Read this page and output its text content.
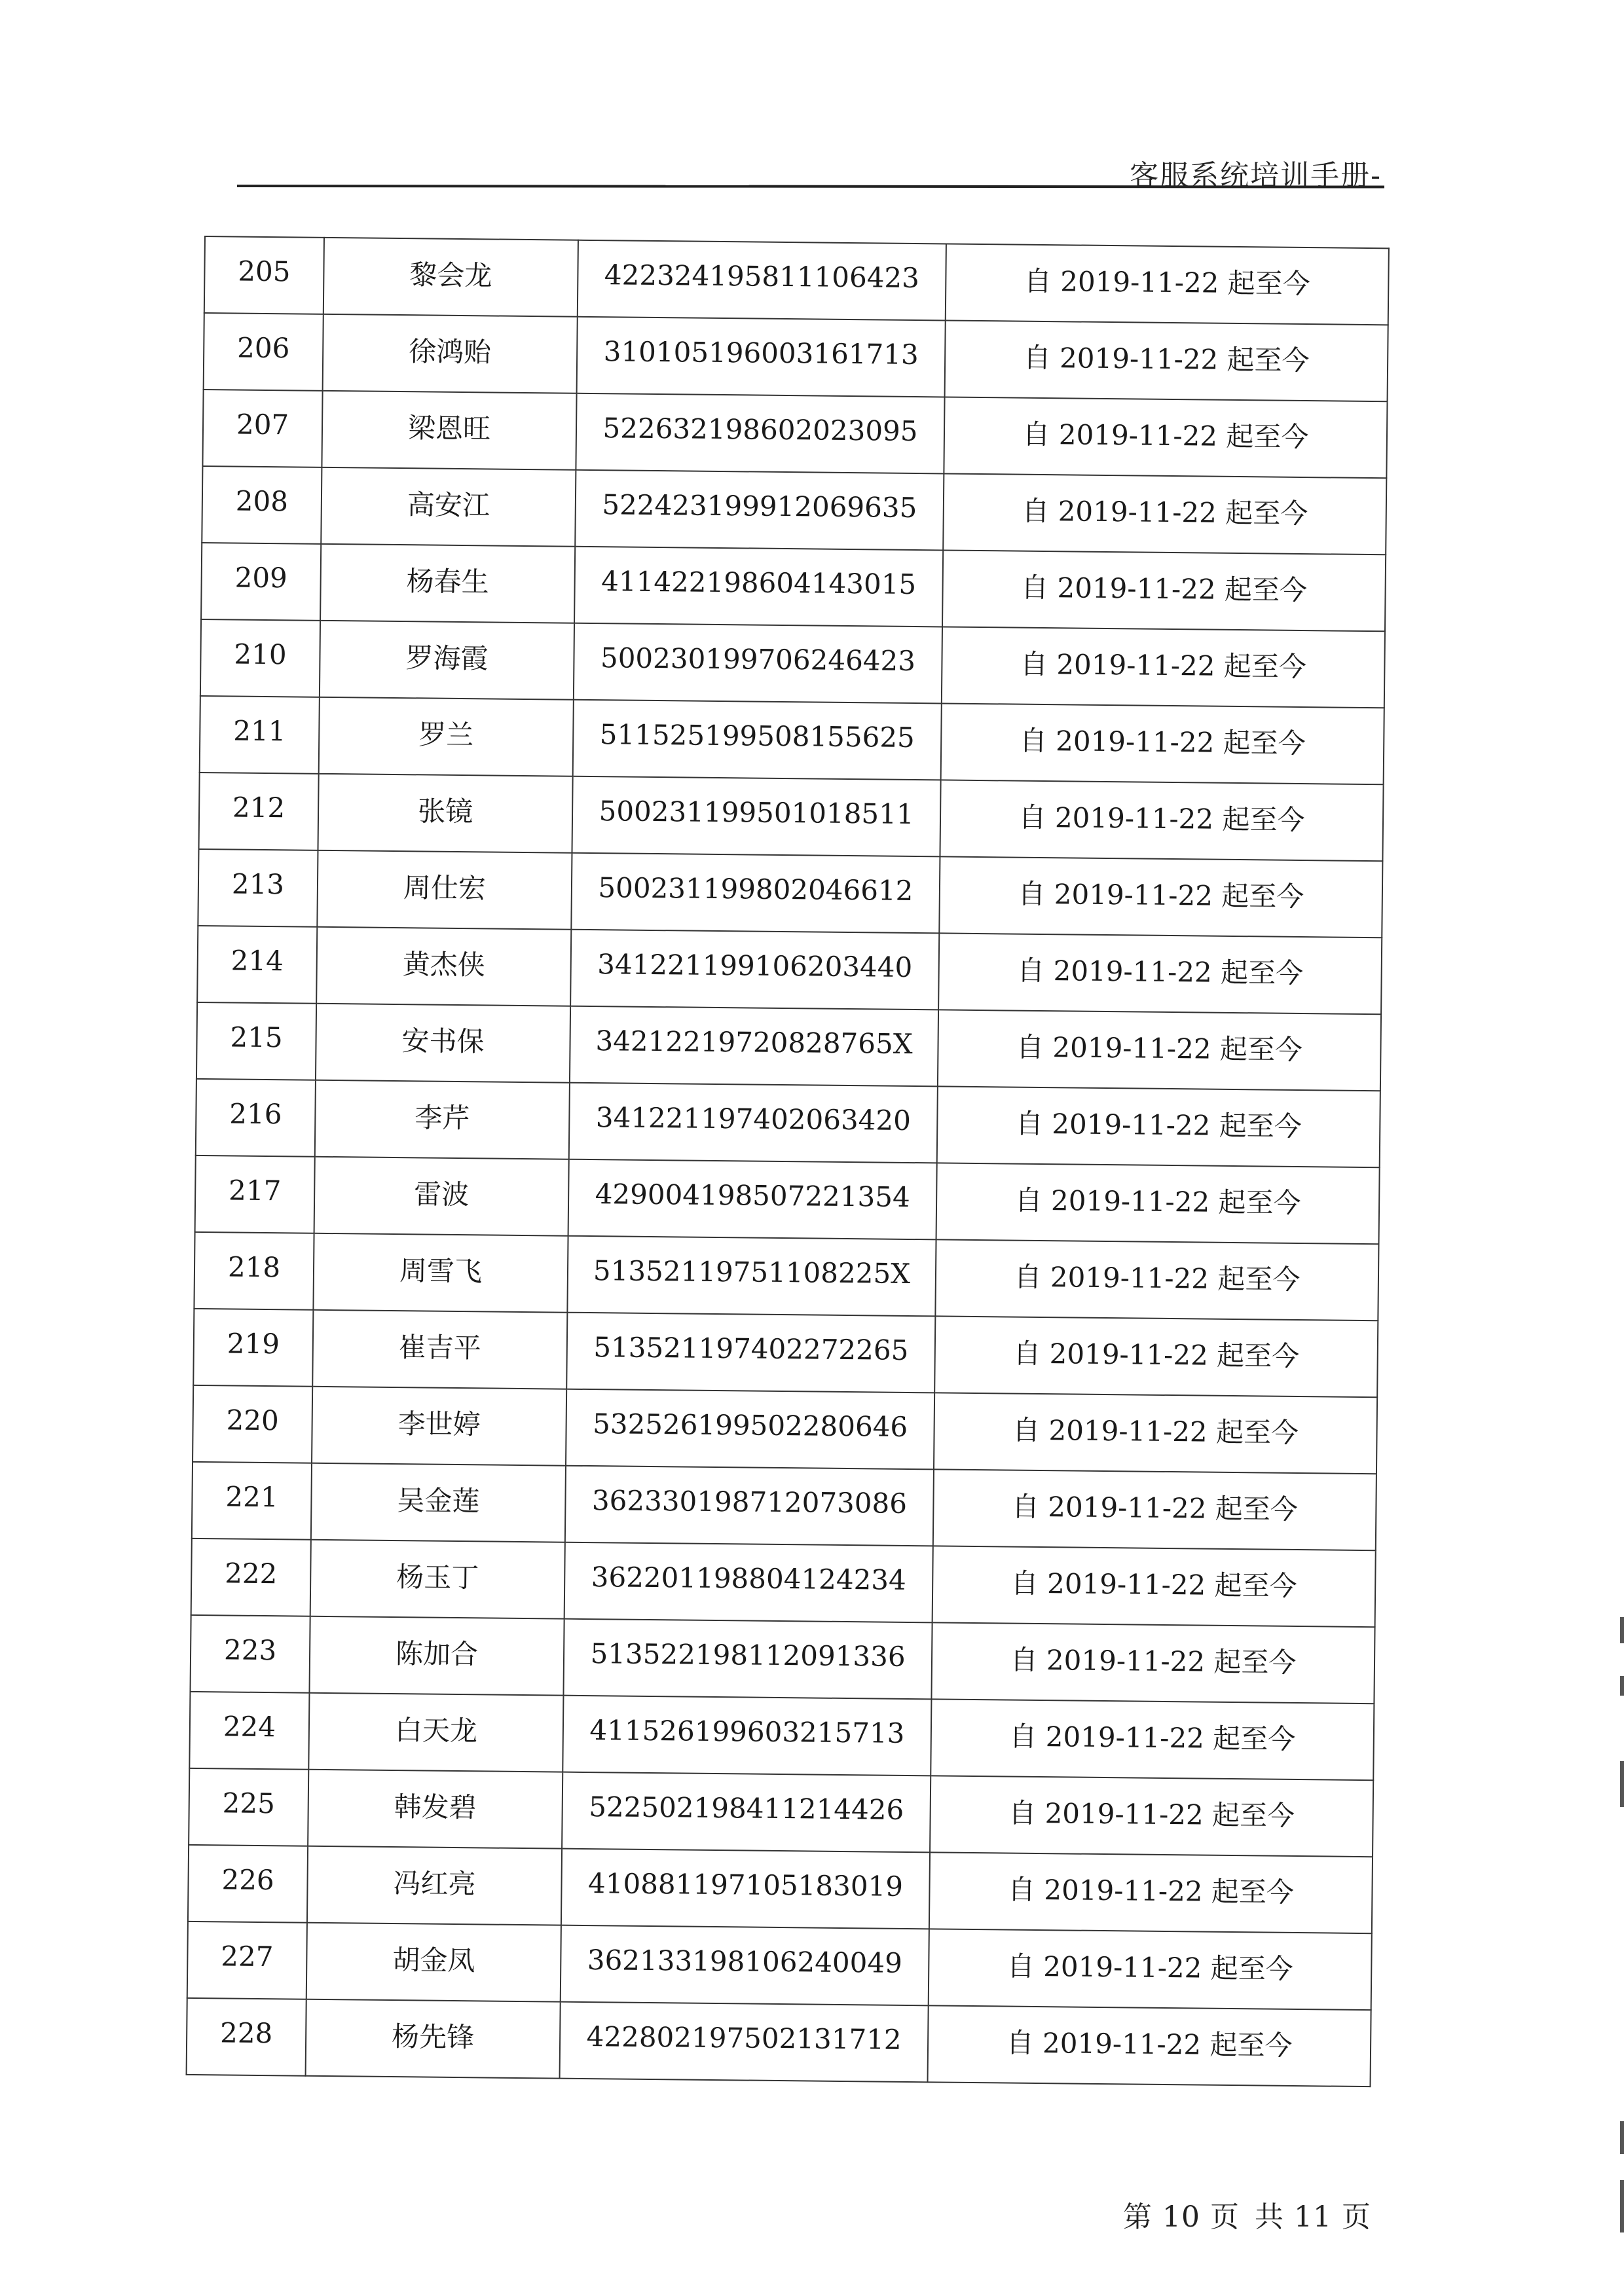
客服系统培训手册-
205	黎会龙	422324195811106423	自 2019-11-22 起至今
206	徐鸿贻	310105196003161713	自 2019-11-22 起至今
207	梁恩旺	522632198602023095	自 2019-11-22 起至今
208	高安江	522423199912069635	自 2019-11-22 起至今
209	杨春生	411422198604143015	自 2019-11-22 起至今
210	罗海霞	500230199706246423	自 2019-11-22 起至今
211	罗兰	511525199508155625	自 2019-11-22 起至今
212	张镜	500231199501018511	自 2019-11-22 起至今
213	周仕宏	500231199802046612	自 2019-11-22 起至今
214	黄杰侠	341221199106203440	自 2019-11-22 起至今
215	安书保	34212219720828765X	自 2019-11-22 起至今
216	李芹	341221197402063420	自 2019-11-22 起至今
217	雷波	429004198507221354	自 2019-11-22 起至今
218	周雪飞	51352119751108225X	自 2019-11-22 起至今
219	崔吉平	513521197402272265	自 2019-11-22 起至今
220	李世婷	532526199502280646	自 2019-11-22 起至今
221	吴金莲	362330198712073086	自 2019-11-22 起至今
222	杨玉丁	362201198804124234	自 2019-11-22 起至今
223	陈加合	513522198112091336	自 2019-11-22 起至今
224	白天龙	411526199603215713	自 2019-11-22 起至今
225	韩发碧	522502198411214426	自 2019-11-22 起至今
226	冯红亮	410881197105183019	自 2019-11-22 起至今
227	胡金凤	362133198106240049	自 2019-11-22 起至今
228	杨先锋	422802197502131712	自 2019-11-22 起至今
第 10 页 共 11 页
